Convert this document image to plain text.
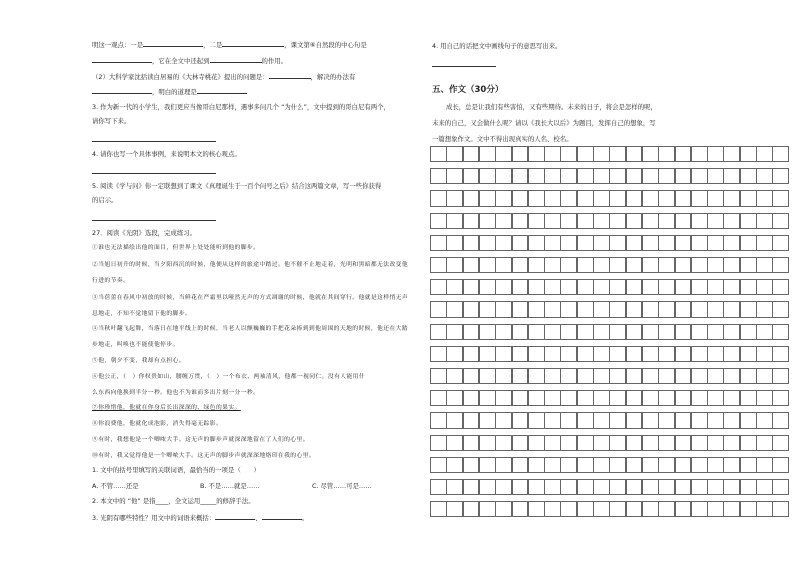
明这一观点：一是	，二是	，课文第⑥自然段的中心句是
，它在全文中还起到	的作用。
（2）大科学家沈括读白居易的《大林寺桃花》提出的问题是：	，解决的办法有
，明白的道理是
3. 作为新一代的小学生，我们更应当像哥白尼那样，遇事多问几个 “为什么”，文中提到的哥白尼有两个，
请你写下来。
4. 请你也写一个具体事例，来说明本文的核心观点。
5. 阅读《学与问》你一定联想到了课文《真理诞生于一百个问号之后》结合这两篇文章，写一些你获得
的启示。
27．阅读《光阴》选段，完成练习。
①谁也无法描绘出他的面目，但世界上处处能听到他的脚步。
②当旭日初升的时候，当夕阳西沉的时候，他便从这样的旅途中踏过。他不催不止地走着，光明和黑暗都无法改变他
行进的节奏。
③当蓓蕾在春风中初放的时候，当鲜花在严霜里以哑然无声的方式凋谢的时候，他就在其间穿行。他就是这样悄无声
息地走，不知不觉地留下他的脚步。
④当秋叶翻飞起舞，当落日在地平线上的时候，当老人以颤巍巍的手把花朵捧到到他周围的天地的时候，他还在大踏
步地走，叫唤也不能使他停步。
⑤他，朝夕不变，我却有点担心。
⑥他公正，（　）你权贵如山，腰缠万贯，（　）一个布衣、两袖清风，他都一视同仁。没有人能用什
么东西向他换到半分一秒。他也不为谁而多出片刻一分一秒。
⑦你珍惜他，他就在你身后长出深深的、绿色的果实。
⑧你浪费他，他就化成泡影，消失得毫无踪影。
⑨有时，我想他是一个唧哝大手。这无声的脚步声就深深地留在了人们的心里。
⑩有时，我又觉得他是一个唧哝大手。这无声的脚步声就深深地烙印在我的心里。
1. 文中的括号里填写的关联词语，最恰当的一项是（　　）
A. 不管……还是	B. 不是……就是……	C. 尽管……可是……
2. 本文中的 “他” 是指____，全文运用_____的修辞手法。
3. 光阴有哪些特性？用文中的词语来概括：	、	。
4. 用自己的话把文中画线句子的意思写出来。
五、作文（30分）
成长，总是让我们有些害怕，又有些期待。未来的日子，将会是怎样的呢，
未来的自己，又会做什么呢？请以《我长大以后》为题目，发挥自己的想象，写
一篇想象作文。文中不得出现真实的人名、校名。
